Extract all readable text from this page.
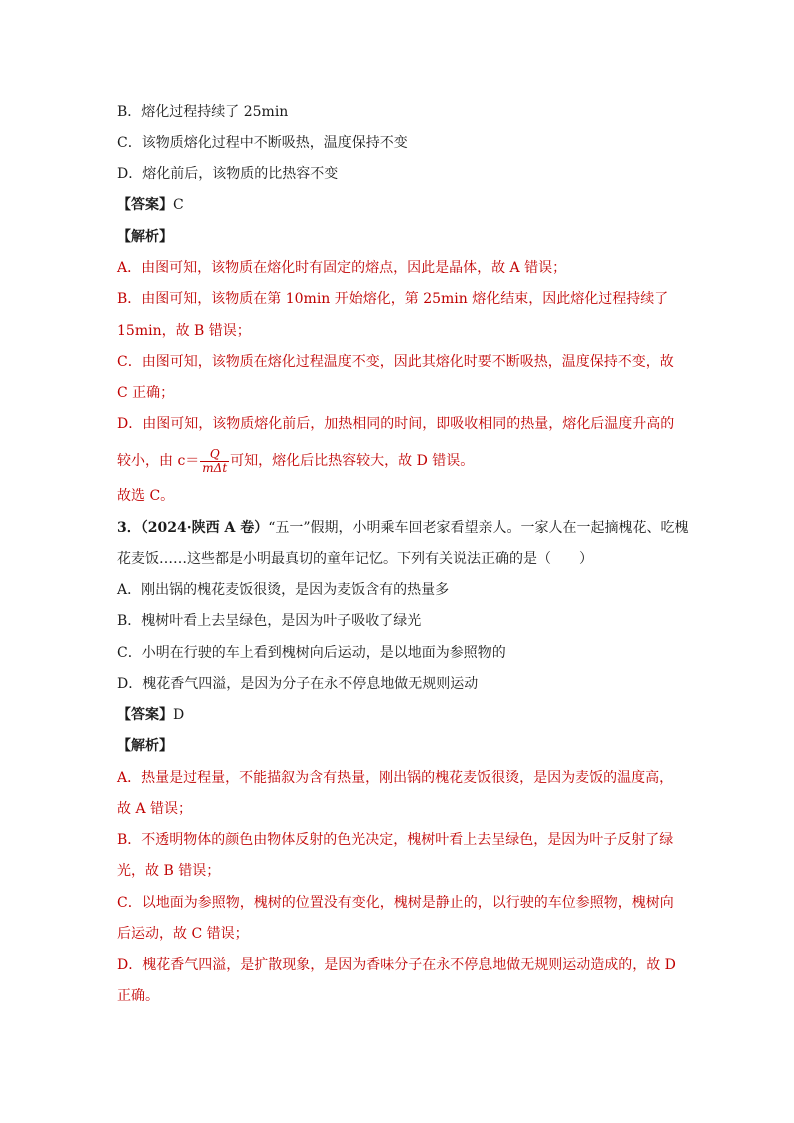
B．熔化过程持续了 25min
C．该物质熔化过程中不断吸热，温度保持不变
D．熔化前后，该物质的比热容不变
【答案】C
【解析】
A．由图可知，该物质在熔化时有固定的熔点，因此是晶体，故 A 错误；
B．由图可知，该物质在第 10min 开始熔化，第 25min 熔化结束，因此熔化过程持续了
15min，故 B 错误；
C．由图可知，该物质在熔化过程温度不变，因此其熔化时要不断吸热，温度保持不变，故
C 正确；
D．由图可知，该物质熔化前后，加热相同的时间，即吸收相同的热量，熔化后温度升高的
较小，由 $c= \frac{Q}{\text{mΔt}}$ 可知，熔化后比热容较大，故 D 错误。
故选 C。
3．（2024·陕西 A 卷）“五一”假期，小明乘车回老家看望亲人。一家人在一起摘槐花、吃槐
花麦饭……这些都是小明最真切的童年记忆。下列有关说法正确的是（　　）
A．刚出锅的槐花麦饭很烫，是因为麦饭含有的热量多
B．槐树叶看上去呈绿色，是因为叶子吸收了绿光
C．小明在行驶的车上看到槐树向后运动，是以地面为参照物的
D．槐花香气四溢，是因为分子在永不停息地做无规则运动
【答案】D
【解析】
A．热量是过程量，不能描叙为含有热量，刚出锅的槐花麦饭很烫，是因为麦饭的温度高，
故 A 错误；
B．不透明物体的颜色由物体反射的色光决定，槐树叶看上去呈绿色，是因为叶子反射了绿
光，故 B 错误；
C．以地面为参照物，槐树的位置没有变化，槐树是静止的，以行驶的车位参照物，槐树向
后运动，故 C 错误；
D．槐花香气四溢，是扩散现象，是因为香味分子在永不停息地做无规则运动造成的，故 D
正确。
